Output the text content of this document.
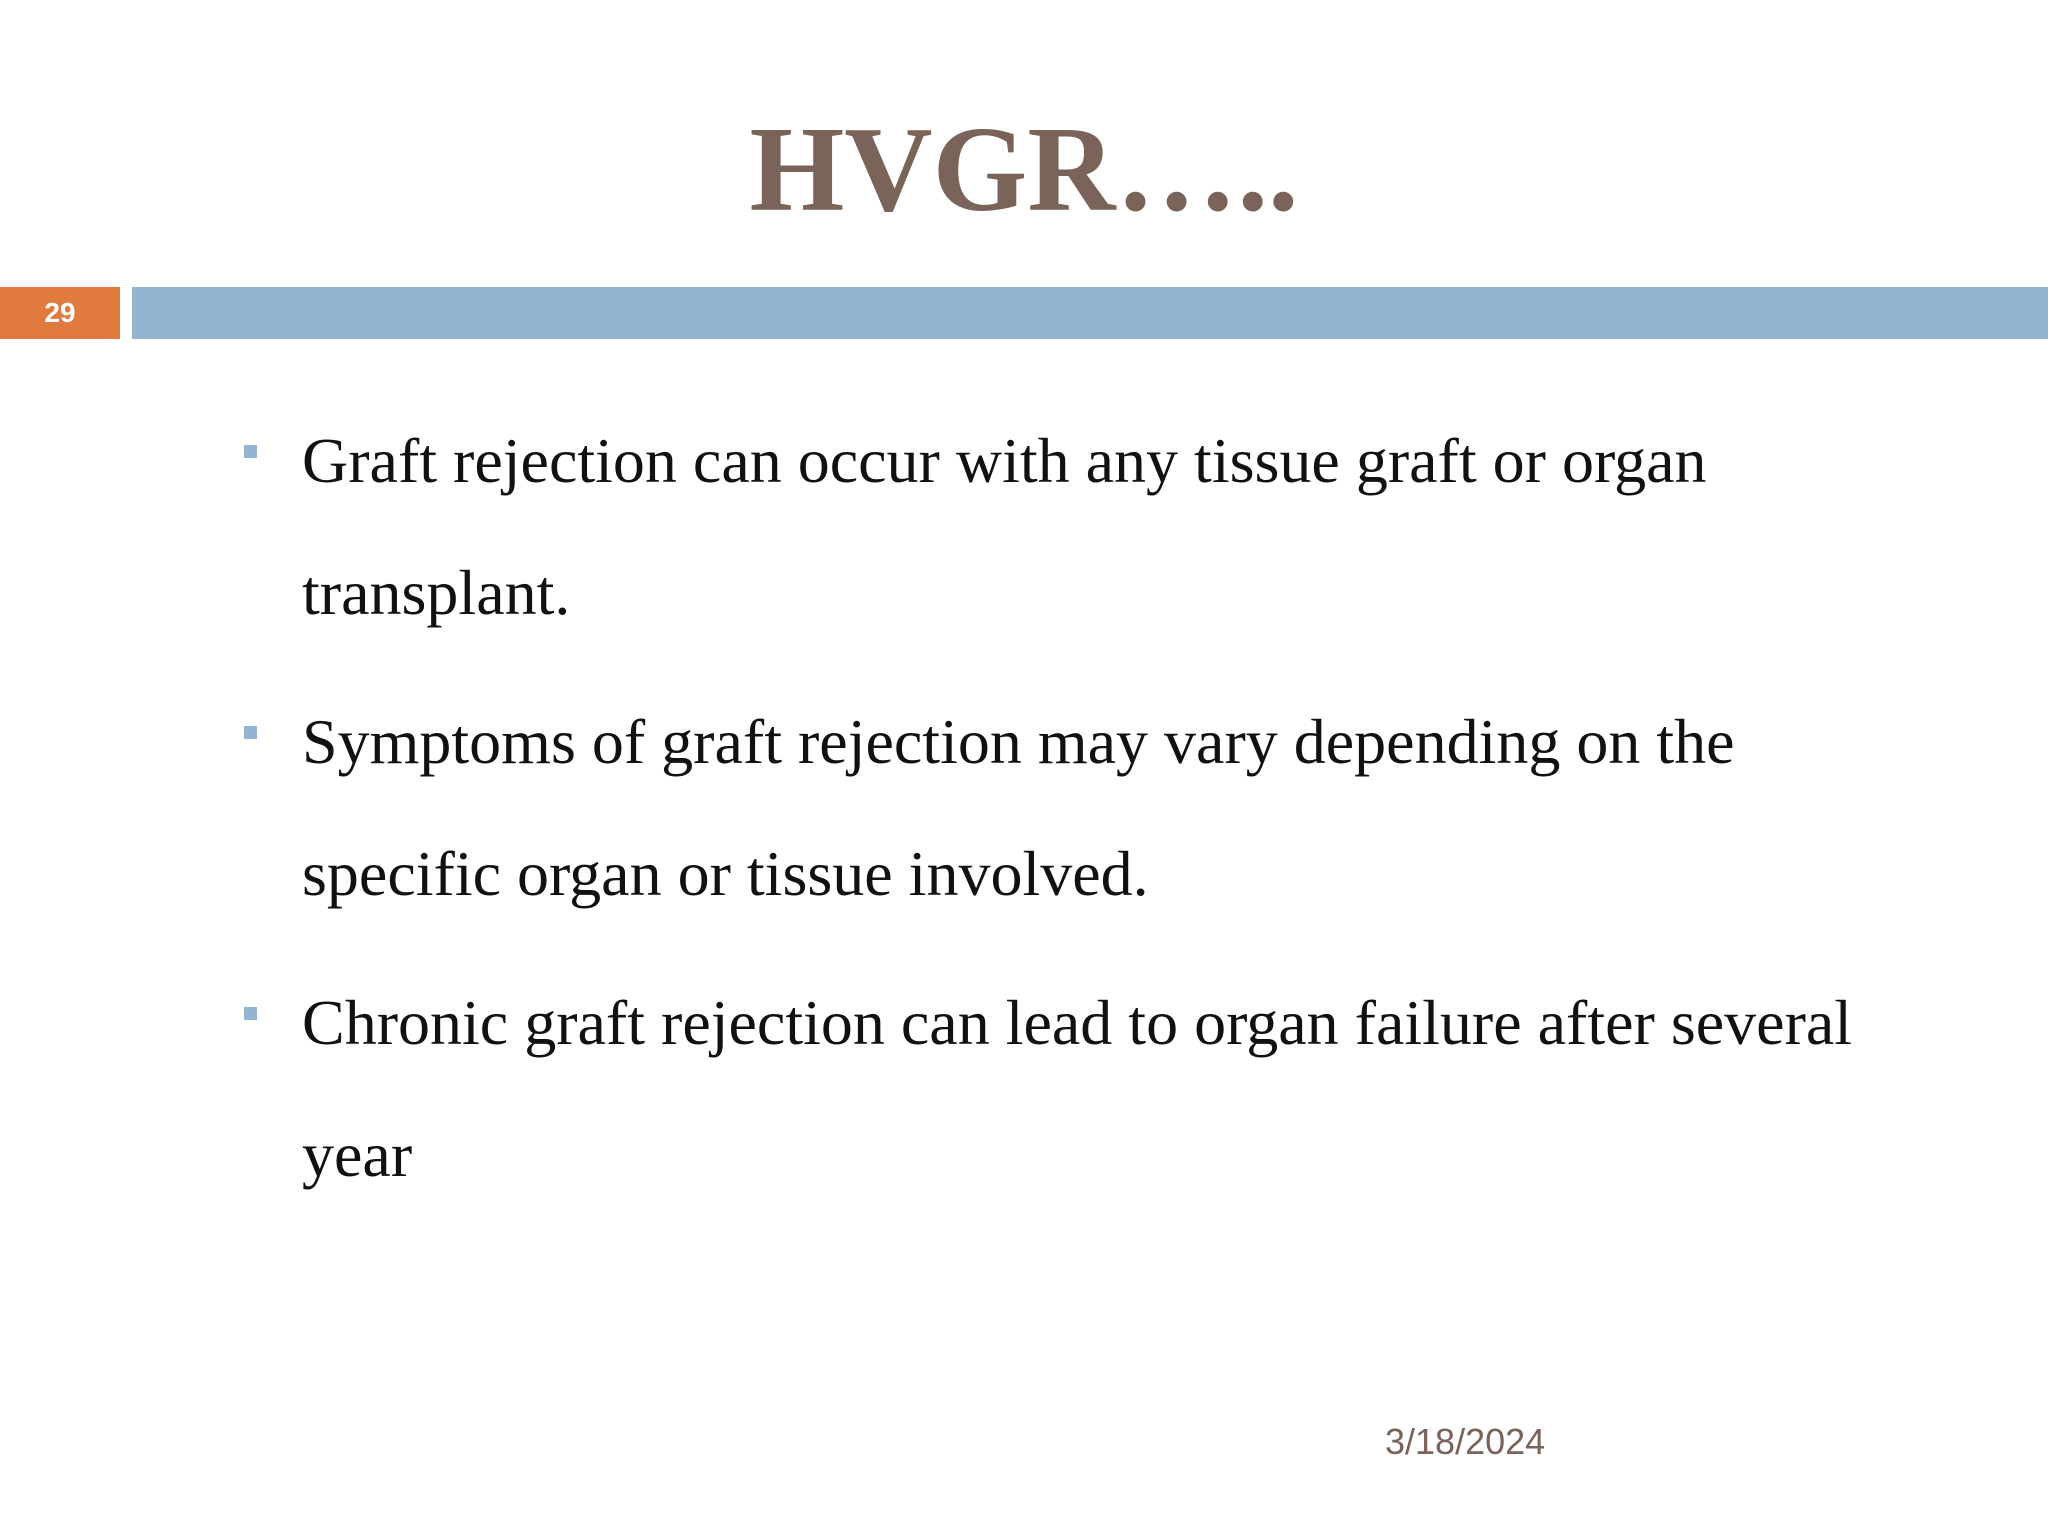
HVGR…..
29
Graft rejection can occur with any tissue graft or organ transplant.
Symptoms of graft rejection may vary depending on the specific organ or tissue involved.
Chronic graft rejection can lead to organ failure after several year
3/18/2024
